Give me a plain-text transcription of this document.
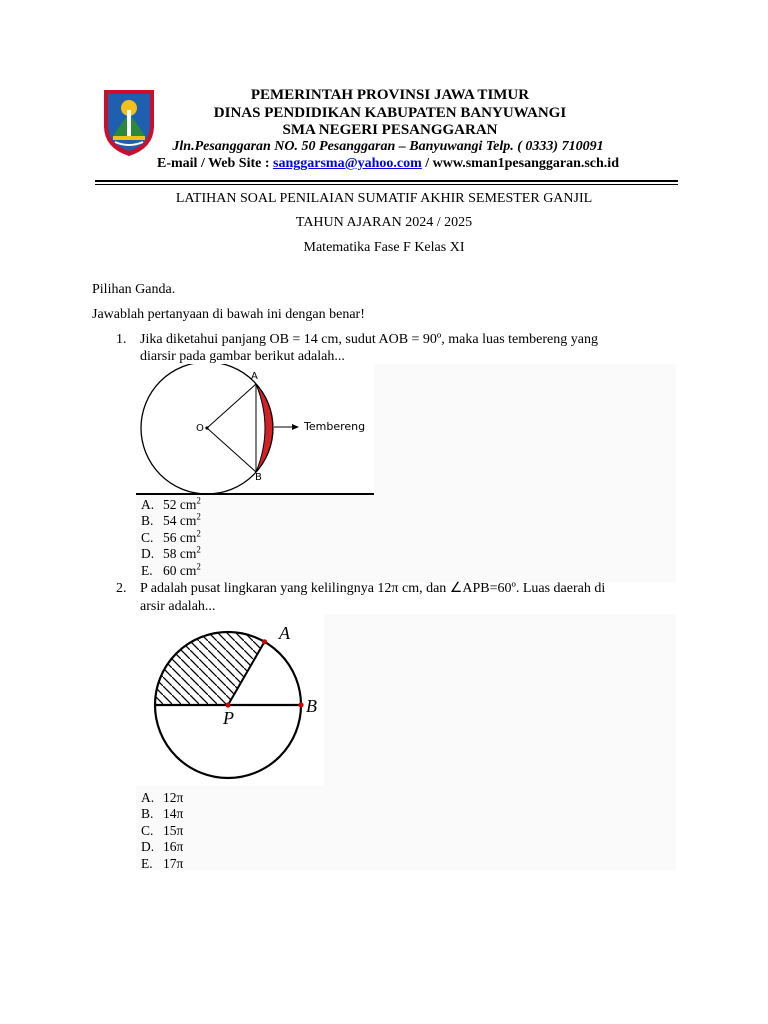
PEMERINTAH PROVINSI JAWA TIMUR
DINAS PENDIDIKAN KABUPATEN BANYUWANGI
SMA NEGERI PESANGGARAN
Jln.Pesanggaran NO. 50 Pesanggaran – Banyuwangi Telp. ( 0333) 710091
E-mail / Web Site : sanggarsma@yahoo.com / www.sman1pesanggaran.sch.id
LATIHAN SOAL PENILAIAN SUMATIF AKHIR SEMESTER GANJIL
TAHUN AJARAN 2024 / 2025
Matematika Fase F Kelas XI
Pilihan Ganda.
Jawablah pertanyaan di bawah ini dengan benar!
1. Jika diketahui panjang OB = 14 cm, sudut AOB = 90º, maka luas tembereng yang
diarsir pada gambar berikut adalah...
O
A
B
Tembereng
A. 52 $cm^2$
B. 54 $cm^2$
C. 56 $cm^2$
D. 58 $cm^2$
E. 60 $cm^2$
2. P adalah pusat lingkaran yang kelilingnya 12π cm, dan ∠APB=60º. Luas daerah di
arsir adalah...
A
B
P
A. 12π
B. 14π
C. 15π
D. 16π
E. 17π
